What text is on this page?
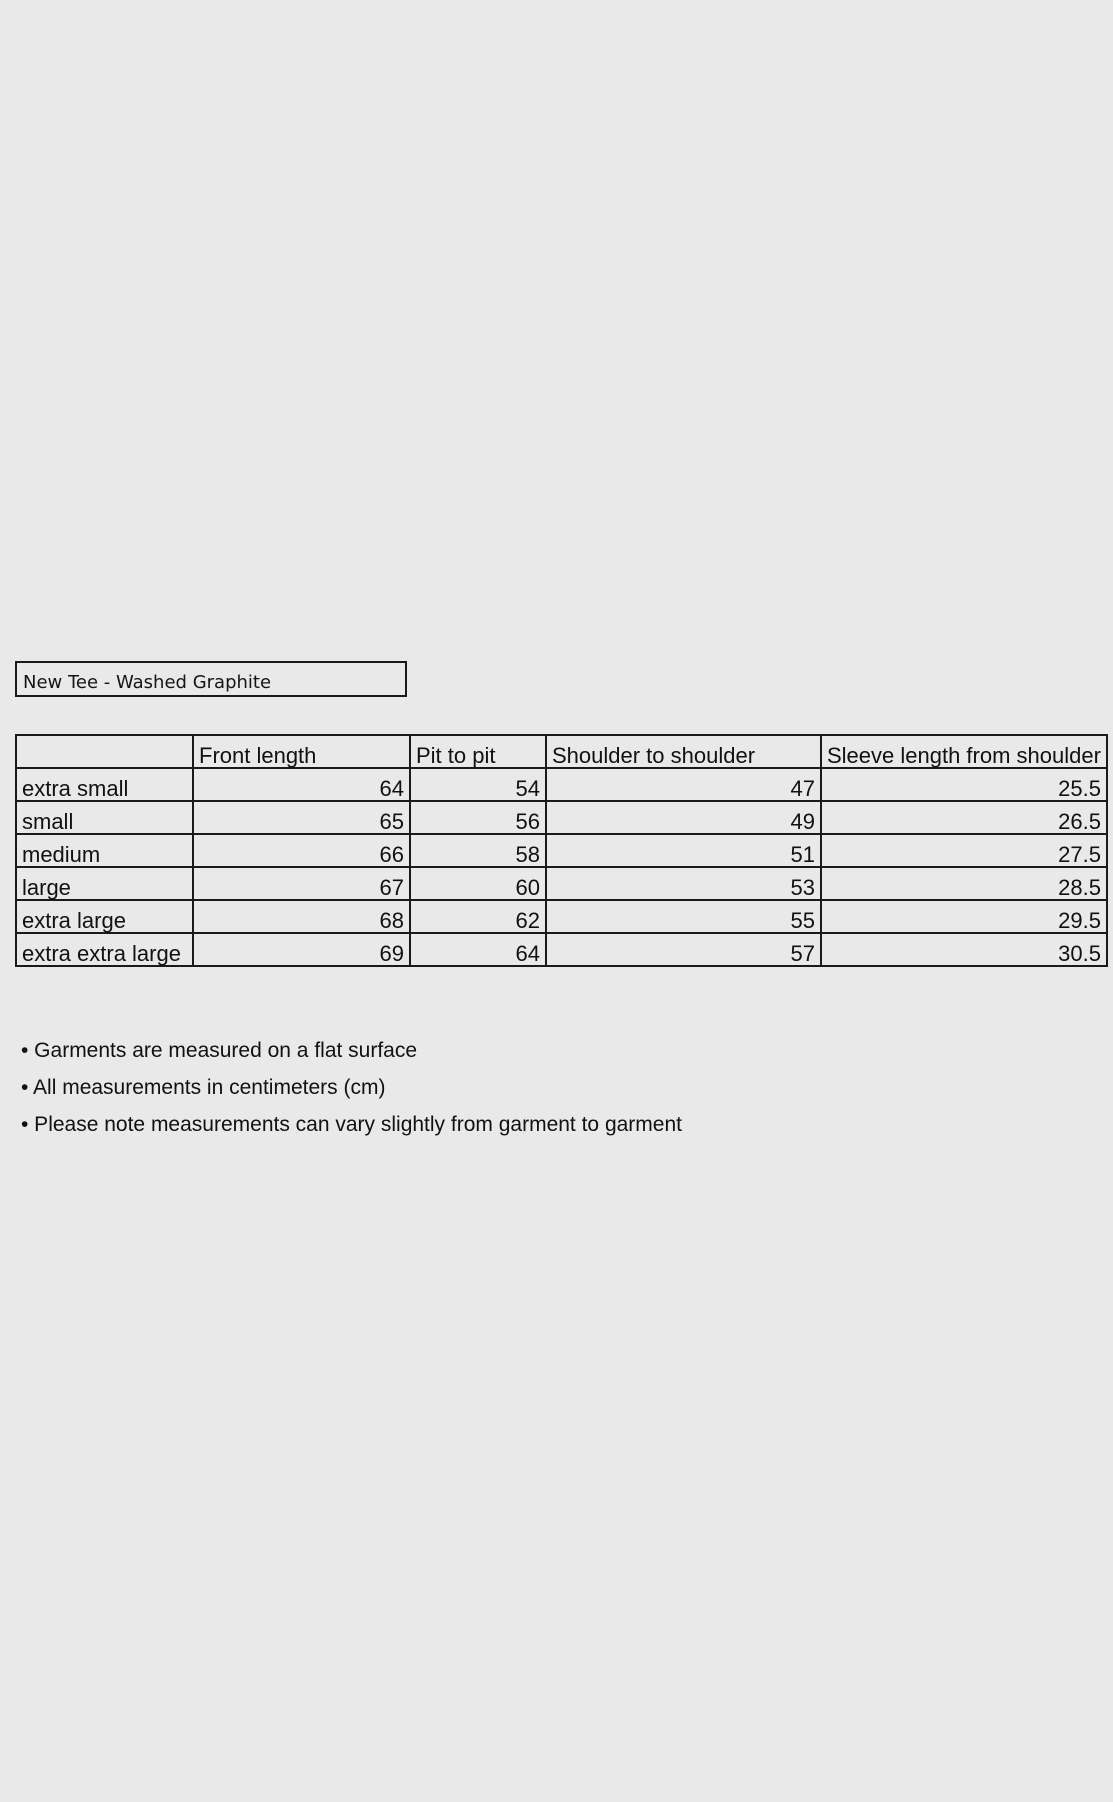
New Tee - Washed Graphite
	Front length	Pit to pit	Shoulder to shoulder	Sleeve length from shoulder
extra small	64	54	47	25.5
small	65	56	49	26.5
medium	66	58	51	27.5
large	67	60	53	28.5
extra large	68	62	55	29.5
extra extra large	69	64	57	30.5
• Garments are measured on a flat surface
• All measurements in centimeters (cm)
• Please note measurements can vary slightly from garment to garment
